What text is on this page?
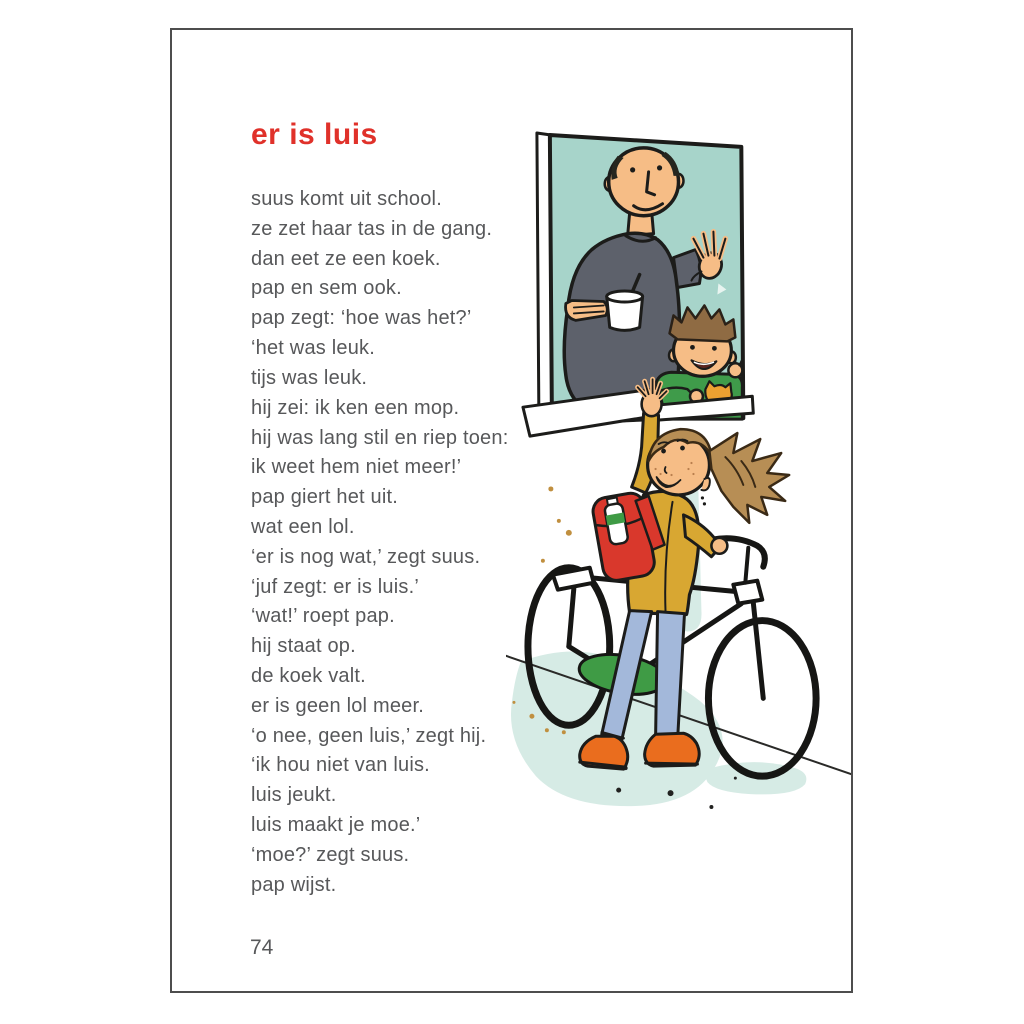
er is luis

suus komt uit school.

ze zet haar tas in de gang.

dan eet ze een koek.

pap en sem ook.

pap zegt: ‘hoe was het?’

‘het was leuk.

tijs was leuk.

hij zei: ik ken een mop.

hij was lang stil en riep toen:

ik weet hem niet meer!’

pap giert het uit.

wat een lol.

‘er is nog wat,’ zegt suus.

‘juf zegt: er is luis.’

‘wat!’ roept pap.

hij staat op.

de koek valt.

er is geen lol meer.

‘o nee, geen luis,’ zegt hij.

‘ik hou niet van luis.

luis jeukt.

luis maakt je moe.’

‘moe?’ zegt suus.

pap wijst.

74
